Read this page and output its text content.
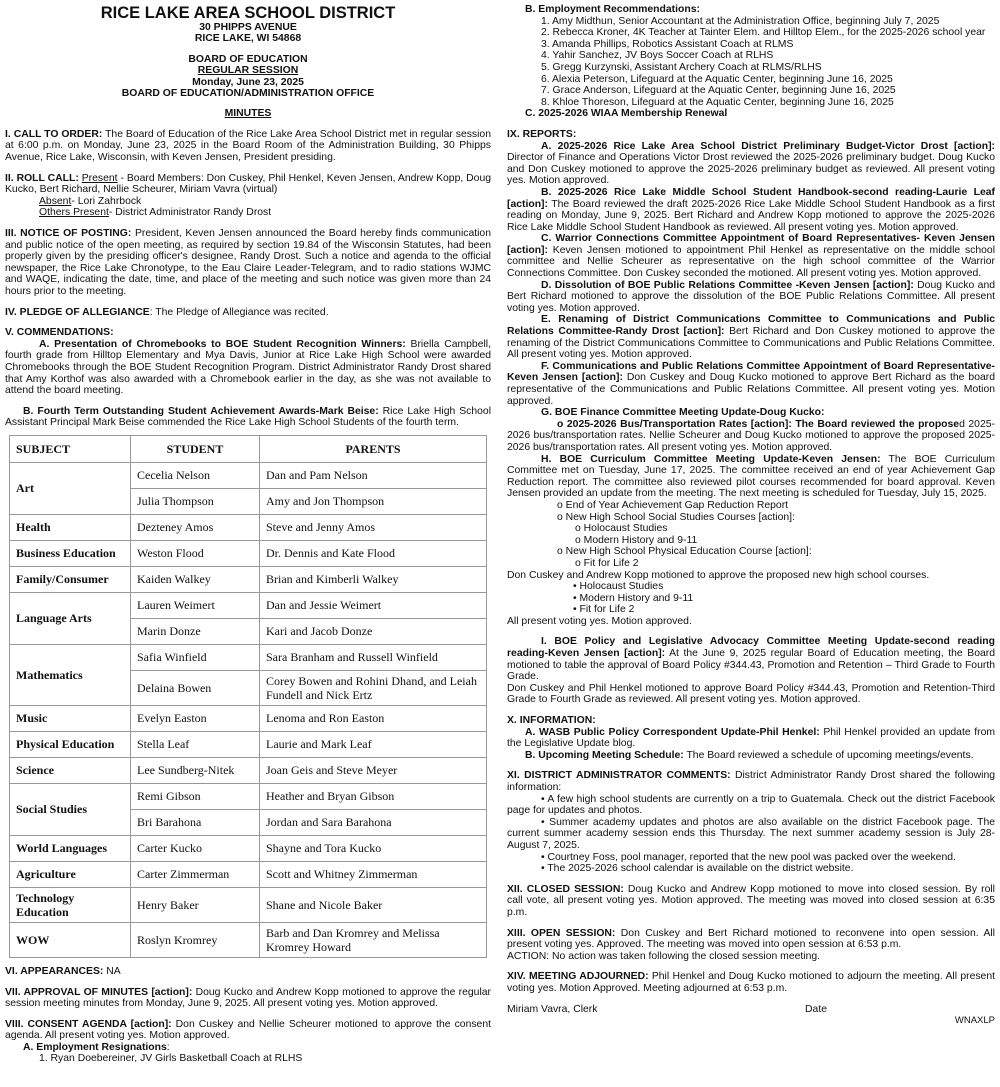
RICE LAKE AREA SCHOOL DISTRICT
30 PHIPPS AVENUE
RICE LAKE, WI 54868
BOARD OF EDUCATION
REGULAR SESSION
Monday, June 23, 2025
BOARD OF EDUCATION/ADMINISTRATION OFFICE
MINUTES

I. CALL TO ORDER: The Board of Education of the Rice Lake Area School District met in regular session at 6:00 p.m. on Monday, June 23, 2025 in the Board Room of the Administration Building, 30 Phipps Avenue, Rice Lake, Wisconsin, with Keven Jensen, President presiding.

II. ROLL CALL: Present - Board Members: Don Cuskey, Phil Henkel, Keven Jensen, Andrew Kopp, Doug Kucko, Bert Richard, Nellie Scheurer, Miriam Vavra (virtual)

Absent- Lori Zahrbock

Others Present- District Administrator Randy Drost

III. NOTICE OF POSTING: President, Keven Jensen announced the Board hereby finds communication and public notice of the open meeting, as required by section 19.84 of the Wisconsin Statutes, had been properly given by the presiding officer's designee, Randy Drost. Such a notice and agenda to the official newspaper, the Rice Lake Chronotype, to the Eau Claire Leader-Telegram, and to radio stations WJMC and WAQE, indicating the date, time, and place of the meeting and such notice was given more than 24 hours prior to the meeting.

IV. PLEDGE OF ALLEGIANCE: The Pledge of Allegiance was recited.

V. COMMENDATIONS:

A. Presentation of Chromebooks to BOE Student Recognition Winners: Briella Campbell, fourth grade from Hilltop Elementary and Mya Davis, Junior at Rice Lake High School were awarded Chromebooks through the BOE Student Recognition Program. District Administrator Randy Drost shared that Amy Korthof was also awarded with a Chromebook earlier in the day, as she was not available to attend the board meeting.

B. Fourth Term Outstanding Student Achievement Awards-Mark Beise: Rice Lake High School Assistant Principal Mark Beise commended the Rice Lake High School Students of the fourth term.

SUBJECT	STUDENT	PARENTS
Art	Cecelia Nelson	Dan and Pam Nelson
	Julia Thompson	Amy and Jon Thompson
Health	Dezteney Amos	Steve and Jenny Amos
Business Education	Weston Flood	Dr. Dennis and Kate Flood
Family/Consumer	Kaiden Walkey	Brian and Kimberli Walkey
Language Arts	Lauren Weimert	Dan and Jessie Weimert
	Marin Donze	Kari and Jacob Donze
Mathematics	Safia Winfield	Sara Branham and Russell Winfield
	Delaina Bowen	Corey Bowen and Rohini Dhand, and Leiah Fundell and Nick Ertz
Music	Evelyn Easton	Lenoma and Ron Easton
Physical Education	Stella Leaf	Laurie and Mark Leaf
Science	Lee Sundberg-Nitek	Joan Geis and Steve Meyer
Social Studies	Remi Gibson	Heather and Bryan Gibson
	Bri Barahona	Jordan and Sara Barahona
World Languages	Carter Kucko	Shayne and Tora Kucko
Agriculture	Carter Zimmerman	Scott and Whitney Zimmerman
Technology Education	Henry Baker	Shane and Nicole Baker
WOW	Roslyn Kromrey	Barb and Dan Kromrey and Melissa Kromrey Howard

VI. APPEARANCES: NA

VII. APPROVAL OF MINUTES [action]: Doug Kucko and Andrew Kopp motioned to approve the regular session meeting minutes from Monday, June 9, 2025. All present voting yes. Motion approved.

VIII. CONSENT AGENDA [action]: Don Cuskey and Nellie Scheurer motioned to approve the consent agenda. All present voting yes. Motion approved.

A. Employment Resignations:

1. Ryan Doebereiner, JV Girls Basketball Coach at RLHS

B. Employment Recommendations:

1. Amy Midthun, Senior Accountant at the Administration Office, beginning July 7, 2025
2. Rebecca Kroner, 4K Teacher at Tainter Elem. and Hilltop Elem., for the 2025-2026 school year
3. Amanda Phillips, Robotics Assistant Coach at RLMS
4. Yahir Sanchez, JV Boys Soccer Coach at RLHS
5. Gregg Kurzynski, Assistant Archery Coach at RLMS/RLHS
6. Alexia Peterson, Lifeguard at the Aquatic Center, beginning June 16, 2025
7. Grace Anderson, Lifeguard at the Aquatic Center, beginning June 16, 2025
8. Khloe Thoreson, Lifeguard at the Aquatic Center, beginning June 16, 2025

C. 2025-2026 WIAA Membership Renewal

IX. REPORTS:

A. 2025-2026 Rice Lake Area School District Preliminary Budget-Victor Drost [action]: Director of Finance and Operations Victor Drost reviewed the 2025-2026 preliminary budget. Doug Kucko and Don Cuskey motioned to approve the 2025-2026 preliminary budget as reviewed. All present voting yes. Motion approved.

B. 2025-2026 Rice Lake Middle School Student Handbook-second reading-Laurie Leaf [action]: The Board reviewed the draft 2025-2026 Rice Lake Middle School Student Handbook as a first reading on Monday, June 9, 2025. Bert Richard and Andrew Kopp motioned to approve the 2025-2026 Rice Lake Middle School Student Handbook as reviewed. All present voting yes. Motion approved.

C. Warrior Connections Committee Appointment of Board Representatives- Keven Jensen [action]: Keven Jensen motioned to appointment Phil Henkel as representative on the middle school committee and Nellie Scheurer as representative on the high school committee of the Warrior Connections Committee. Don Cuskey seconded the motioned. All present voting yes. Motion approved.

D. Dissolution of BOE Public Relations Committee -Keven Jensen [action]: Doug Kucko and Bert Richard motioned to approve the dissolution of the BOE Public Relations Committee. All present voting yes. Motion approved.

E. Renaming of District Communications Committee to Communications and Public Relations Committee-Randy Drost [action]: Bert Richard and Don Cuskey motioned to approve the renaming of the District Communications Committee to Communications and Public Relations Committee. All present voting yes. Motion approved.

F. Communications and Public Relations Committee Appointment of Board Representative-Keven Jensen [action]: Don Cuskey and Doug Kucko motioned to approve Bert Richard as the board representative of the Communications and Public Relations Committee. All present voting yes. Motion approved.

G. BOE Finance Committee Meeting Update-Doug Kucko:

o 2025-2026 Bus/Transportation Rates [action]: The Board reviewed the proposed 2025-2026 bus/transportation rates. Nellie Scheurer and Doug Kucko motioned to approve the proposed 2025-2026 bus/transportation rates. All present voting yes. Motion approved.

H. BOE Curriculum Committee Meeting Update-Keven Jensen: The BOE Curriculum Committee met on Tuesday, June 17, 2025. The committee received an end of year Achievement Gap Reduction report. The committee also reviewed pilot courses recommended for board approval. Keven Jensen provided an update from the meeting. The next meeting is scheduled for Tuesday, July 15, 2025.

o End of Year Achievement Gap Reduction Report
o New High School Social Studies Courses [action]:
o Holocaust Studies
o Modern History and 9-11
o New High School Physical Education Course [action]:
o Fit for Life 2

Don Cuskey and Andrew Kopp motioned to approve the proposed new high school courses.

• Holocaust Studies
• Modern History and 9-11
• Fit for Life 2

All present voting yes. Motion approved.

I. BOE Policy and Legislative Advocacy Committee Meeting Update-second reading reading-Keven Jensen [action]: At the June 9, 2025 regular Board of Education meeting, the Board motioned to table the approval of Board Policy #344.43, Promotion and Retention – Third Grade to Fourth Grade.

Don Cuskey and Phil Henkel motioned to approve Board Policy #344.43, Promotion and Retention-Third Grade to Fourth Grade as reviewed. All present voting yes. Motion approved.

X. INFORMATION:

A. WASB Public Policy Correspondent Update-Phil Henkel: Phil Henkel provided an update from the Legislative Update blog.

B. Upcoming Meeting Schedule: The Board reviewed a schedule of upcoming meetings/events.

XI. DISTRICT ADMINISTRATOR COMMENTS: District Administrator Randy Drost shared the following information:

• A few high school students are currently on a trip to Guatemala. Check out the district Facebook page for updates and photos.

• Summer academy updates and photos are also available on the district Facebook page. The current summer academy session ends this Thursday. The next summer academy session is July 28-August 7, 2025.

• Courtney Foss, pool manager, reported that the new pool was packed over the weekend.

• The 2025-2026 school calendar is available on the district website.

XII. CLOSED SESSION: Doug Kucko and Andrew Kopp motioned to move into closed session. By roll call vote, all present voting yes. Motion approved. The meeting was moved into closed session at 6:35 p.m.

XIII. OPEN SESSION: Don Cuskey and Bert Richard motioned to reconvene into open session. All present voting yes. Approved. The meeting was moved into open session at 6:53 p.m.

ACTION: No action was taken following the closed session meeting.

XIV. MEETING ADJOURNED: Phil Henkel and Doug Kucko motioned to adjourn the meeting. All present voting yes. Motion Approved. Meeting adjourned at 6:53 p.m.

Miriam Vavra, Clerk	Date
WNAXLP
